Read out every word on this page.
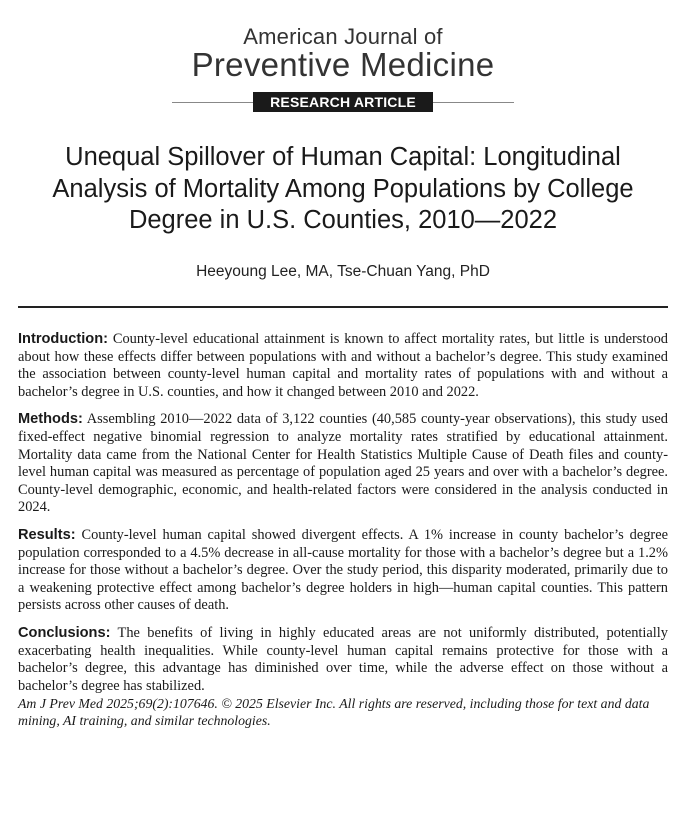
American Journal of
Preventive Medicine
RESEARCH ARTICLE
Unequal Spillover of Human Capital: Longitudinal Analysis of Mortality Among Populations by College Degree in U.S. Counties, 2010—2022
Heeyoung Lee, MA, Tse-Chuan Yang, PhD

Introduction: County-level educational attainment is known to affect mortality rates, but little is understood about how these effects differ between populations with and without a bachelor’s degree. This study examined the association between county-level human capital and mortality rates of populations with and without a bachelor’s degree in U.S. counties, and how it changed between 2010 and 2022.

Methods: Assembling 2010—2022 data of 3,122 counties (40,585 county-year observations), this study used fixed-effect negative binomial regression to analyze mortality rates stratified by educational attainment. Mortality data came from the National Center for Health Statistics Multiple Cause of Death files and county-level human capital was measured as percentage of population aged 25 years and over with a bachelor’s degree. County-level demographic, economic, and health-related factors were considered in the analysis conducted in 2024.

Results: County-level human capital showed divergent effects. A 1% increase in county bachelor’s degree population corresponded to a 4.5% decrease in all-cause mortality for those with a bachelor’s degree but a 1.2% increase for those without a bachelor’s degree. Over the study period, this disparity moderated, primarily due to a weakening protective effect among bachelor’s degree holders in high—human capital counties. This pattern persists across other causes of death.

Conclusions: The benefits of living in highly educated areas are not uniformly distributed, potentially exacerbating health inequalities. While county-level human capital remains protective for those with a bachelor’s degree, this advantage has diminished over time, while the adverse effect on those without a bachelor’s degree has stabilized.

Am J Prev Med 2025;69(2):107646. © 2025 Elsevier Inc. All rights are reserved, including those for text and data mining, AI training, and similar technologies.
